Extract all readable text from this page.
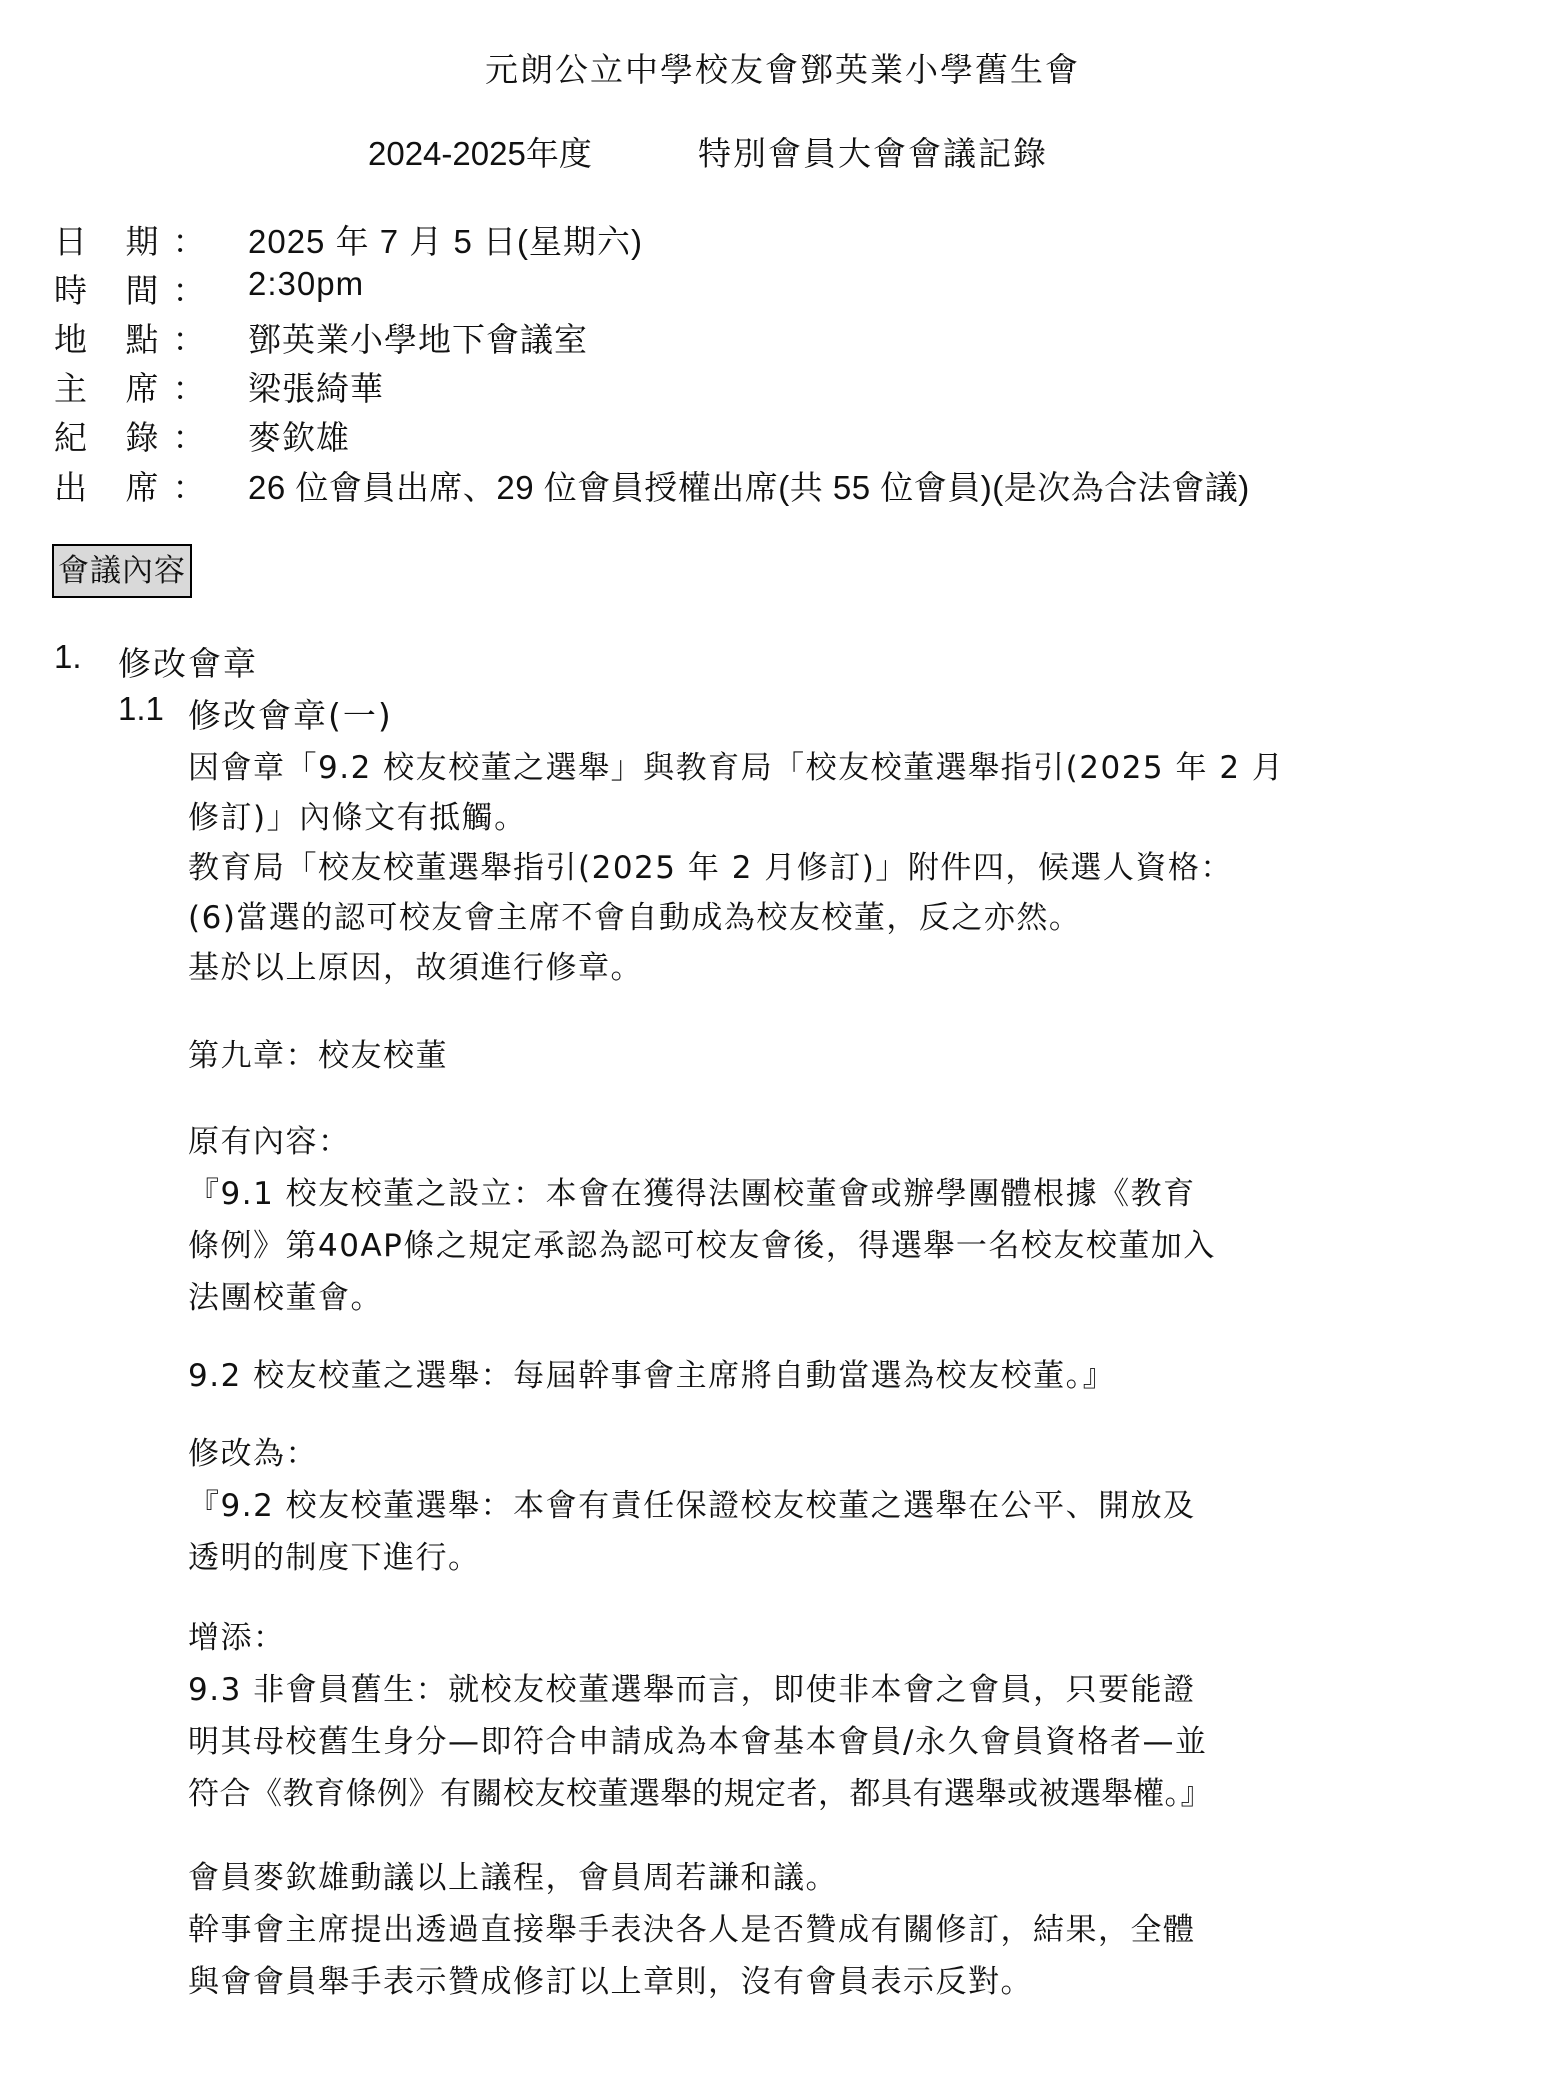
元朗公立中學校友會鄧英業小學舊生會
2024-2025年度	特別會員大會會議記錄
日 期： 2025 年 7 月 5 日(星期六)
時 間： 2:30pm
地 點： 鄧英業小學地下會議室
主 席： 梁張綺華
紀 錄： 麥欽雄
出 席： 26 位會員出席、29 位會員授權出席(共 55 位會員)(是次為合法會議)
會議內容
1. 修改會章
1.1 修改會章(一)
因會章「9.2 校友校董之選舉」與教育局「校友校董選舉指引(2025 年 2 月
修訂)」內條文有抵觸。
教育局「校友校董選舉指引(2025 年 2 月修訂)」附件四，候選人資格：
(6)當選的認可校友會主席不會自動成為校友校董，反之亦然。
基於以上原因，故須進行修章。
第九章：校友校董
原有內容：
『9.1 校友校董之設立：本會在獲得法團校董會或辦學團體根據《教育
條例》第40AP條之規定承認為認可校友會後，得選舉一名校友校董加入
法團校董會。
9.2 校友校董之選舉：每屆幹事會主席將自動當選為校友校董。』
修改為：
『9.2 校友校董選舉：本會有責任保證校友校董之選舉在公平、開放及
透明的制度下進行。
增添：
9.3 非會員舊生：就校友校董選舉而言，即使非本會之會員，只要能證
明其母校舊生身分—即符合申請成為本會基本會員/永久會員資格者—並
符合《教育條例》有關校友校董選舉的規定者，都具有選舉或被選舉權。』
會員麥欽雄動議以上議程，會員周若謙和議。
幹事會主席提出透過直接舉手表決各人是否贊成有關修訂，結果，全體
與會會員舉手表示贊成修訂以上章則，沒有會員表示反對。
